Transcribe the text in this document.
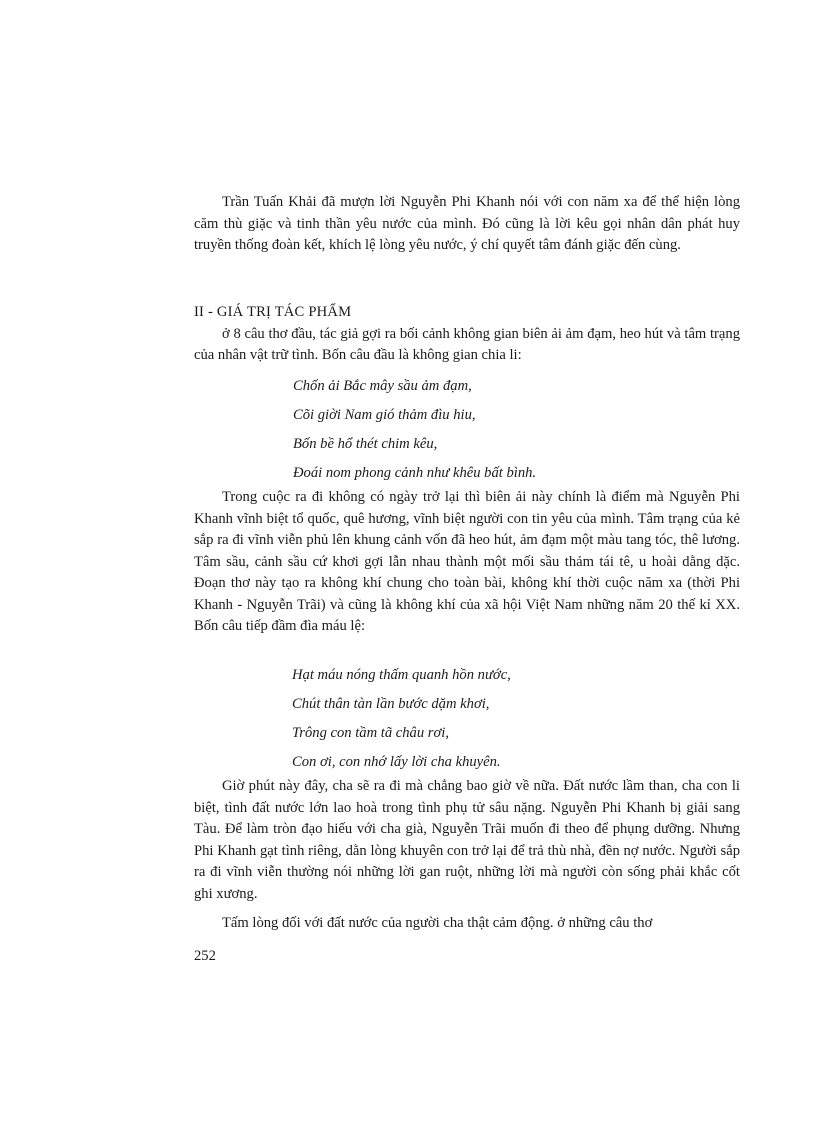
Trần Tuấn Khải đã mượn lời Nguyễn Phi Khanh nói với con năm xa để thể hiện lòng căm thù giặc và tinh thần yêu nước của mình. Đó cũng là lời kêu gọi nhân dân phát huy truyền thống đoàn kết, khích lệ lòng yêu nước, ý chí quyết tâm đánh giặc đến cùng.

II - GIÁ TRỊ TÁC PHẨM

ở 8 câu thơ đầu, tác giả gợi ra bối cảnh không gian biên ải ảm đạm, heo hút và tâm trạng của nhân vật trữ tình. Bốn câu đầu là không gian chia li:

Chốn ải Bắc mây sầu ảm đạm,
Cõi giời Nam gió thảm đìu hiu,
Bốn bề hổ thét chim kêu,
Đoái nom phong cảnh như khêu bất bình.

Trong cuộc ra đi không có ngày trở lại thì biên ải này chính là điểm mà Nguyễn Phi Khanh vĩnh biệt tổ quốc, quê hương, vĩnh biệt người con tin yêu của mình. Tâm trạng của kẻ sắp ra đi vĩnh viễn phủ lên khung cảnh vốn đã heo hút, ảm đạm một màu tang tóc, thê lương. Tâm sầu, cảnh sầu cứ khơi gợi lẫn nhau thành một mối sầu thảm tái tê, u hoài dằng dặc. Đoạn thơ này tạo ra không khí chung cho toàn bài, không khí thời cuộc năm xa (thời Phi Khanh - Nguyễn Trãi) và cũng là không khí của xã hội Việt Nam những năm 20 thế kỉ XX. Bốn câu tiếp đầm đìa máu lệ:

Hạt máu nóng thấm quanh hồn nước,
Chút thân tàn lần bước dặm khơi,
Trông con tầm tã châu rơi,
Con ơi, con nhớ lấy lời cha khuyên.

Giờ phút này đây, cha sẽ ra đi mà chẳng bao giờ về nữa. Đất nước lầm than, cha con li biệt, tình đất nước lớn lao hoà trong tình phụ tử sâu nặng. Nguyễn Phi Khanh bị giải sang Tàu. Để làm tròn đạo hiếu với cha già, Nguyễn Trãi muốn đi theo để phụng dưỡng. Nhưng Phi Khanh gạt tình riêng, dằn lòng khuyên con trở lại để trả thù nhà, đền nợ nước. Người sắp ra đi vĩnh viễn thường nói những lời gan ruột, những lời mà người còn sống phải khắc cốt ghi xương.

Tấm lòng đối với đất nước của người cha thật cảm động. ở những câu thơ

252
